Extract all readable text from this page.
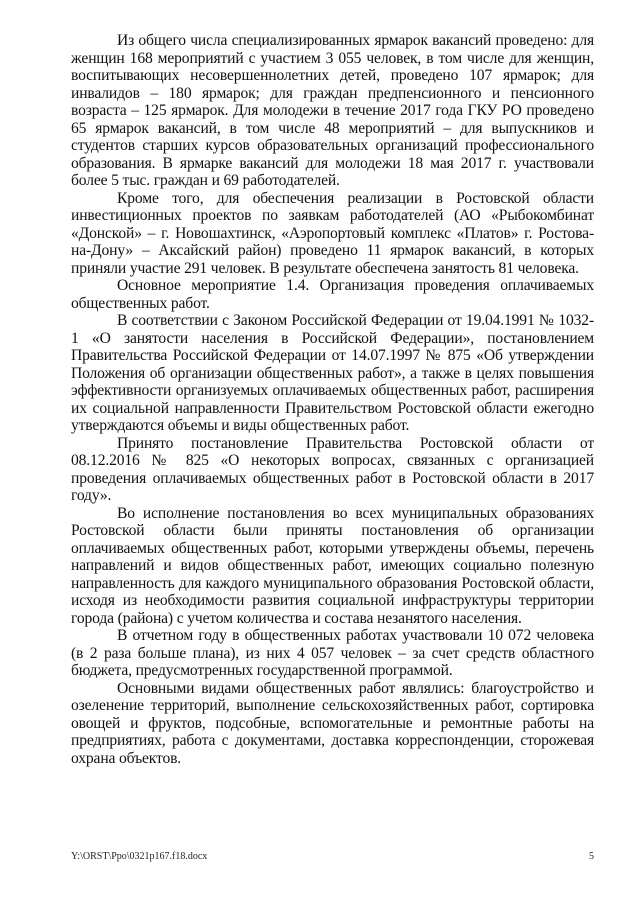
Из общего числа специализированных ярмарок вакансий проведено: для женщин 168 мероприятий с участием 3 055 человек, в том числе для женщин, воспитывающих несовершеннолетних детей, проведено 107 ярмарок; для инвалидов – 180 ярмарок; для граждан предпенсионного и пенсионного возраста – 125 ярмарок. Для молодежи в течение 2017 года ГКУ РО проведено 65 ярмарок вакансий, в том числе 48 мероприятий – для выпускников и студентов старших курсов образовательных организаций профессионального образования. В ярмарке вакансий для молодежи 18 мая 2017 г. участвовали более 5 тыс. граждан и 69 работодателей.

Кроме того, для обеспечения реализации в Ростовской области инвестиционных проектов по заявкам работодателей (АО «Рыбокомбинат «Донской» – г. Новошахтинск, «Аэропортовый комплекс «Платов» г. Ростова-на-Дону» – Аксайский район) проведено 11 ярмарок вакансий, в которых приняли участие 291 человек. В результате обеспечена занятость 81 человека.

Основное мероприятие 1.4. Организация проведения оплачиваемых общественных работ.

В соответствии с Законом Российской Федерации от 19.04.1991 № 1032-1 «О занятости населения в Российской Федерации», постановлением Правительства Российской Федерации от 14.07.1997 № 875 «Об утверждении Положения об организации общественных работ», а также в целях повышения эффективности организуемых оплачиваемых общественных работ, расширения их социальной направленности Правительством Ростовской области ежегодно утверждаются объемы и виды общественных работ.

Принято постановление Правительства Ростовской области от 08.12.2016 № 825 «О некоторых вопросах, связанных с организацией проведения оплачиваемых общественных работ в Ростовской области в 2017 году».

Во исполнение постановления во всех муниципальных образованиях Ростовской области были приняты постановления об организации оплачиваемых общественных работ, которыми утверждены объемы, перечень направлений и видов общественных работ, имеющих социально полезную направленность для каждого муниципального образования Ростовской области, исходя из необходимости развития социальной инфраструктуры территории города (района) с учетом количества и состава незанятого населения.

В отчетном году в общественных работах участвовали 10 072 человека (в 2 раза больше плана), из них 4 057 человек – за счет средств областного бюджета, предусмотренных государственной программой.

Основными видами общественных работ являлись: благоустройство и озеленение территорий, выполнение сельскохозяйственных работ, сортировка овощей и фруктов, подсобные, вспомогательные и ремонтные работы на предприятиях, работа с документами, доставка корреспонденции, сторожевая охрана объектов.

Y:\ORST\Ppo\0321p167.f18.docx	5
